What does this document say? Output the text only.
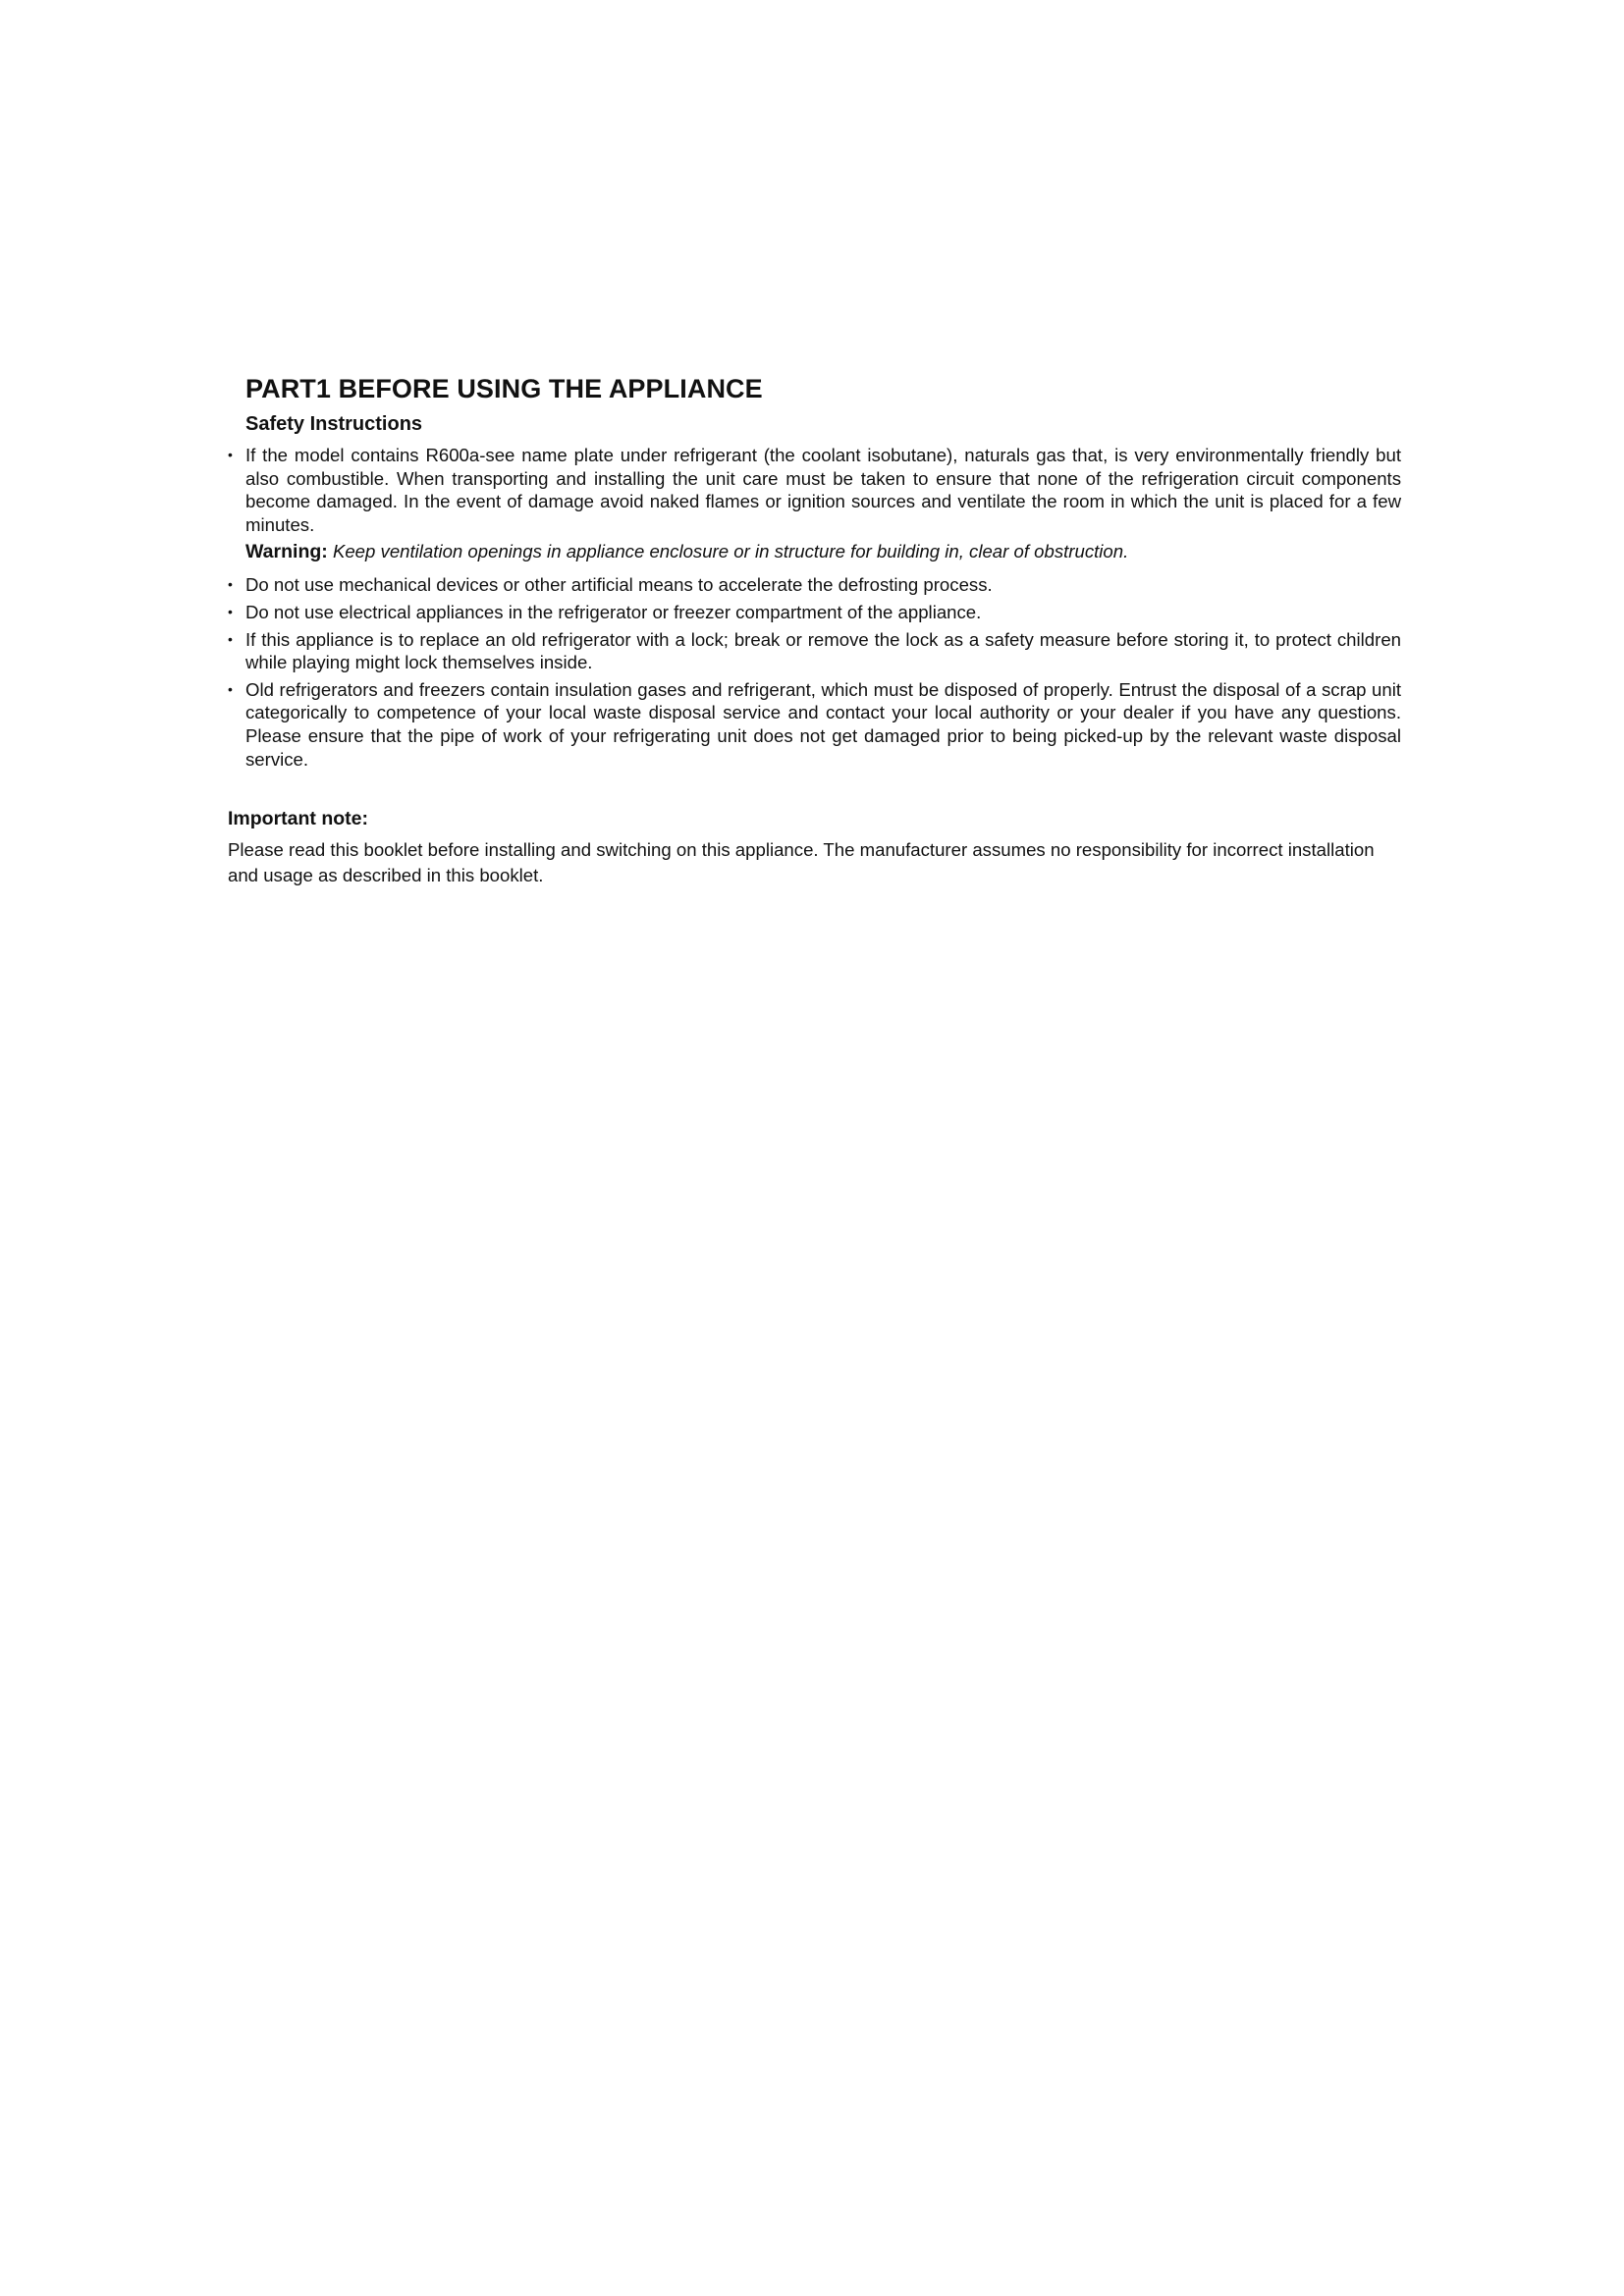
PART1 BEFORE USING THE APPLIANCE
Safety Instructions
• If the model contains R600a-see name plate under refrigerant (the coolant isobutane), naturals gas that, is very environmentally friendly but also combustible. When transporting and installing the unit care must be taken to ensure that none of the refrigeration circuit components become damaged. In the event of damage avoid naked flames or ignition sources and ventilate the room in which the unit is placed for a few minutes.

Warning: Keep ventilation openings in appliance enclosure or in structure for building in, clear of obstruction.

• Do not use mechanical devices or other artificial means to accelerate the defrosting process.
• Do not use electrical appliances in the refrigerator or freezer compartment of the appliance.
• If this appliance is to replace an old refrigerator with a lock; break or remove the lock as a safety measure before storing it, to protect children while playing might lock themselves inside.
• Old refrigerators and freezers contain insulation gases and refrigerant, which must be disposed of properly. Entrust the disposal of a scrap unit categorically to competence of your local waste disposal service and contact your local authority or your dealer if you have any questions. Please ensure that the pipe of work of your refrigerating unit does not get damaged prior to being picked-up by the relevant waste disposal service.
Important note:

Please read this booklet before installing and switching on this appliance. The manufacturer assumes no responsibility for incorrect installation and usage as described in this booklet.
